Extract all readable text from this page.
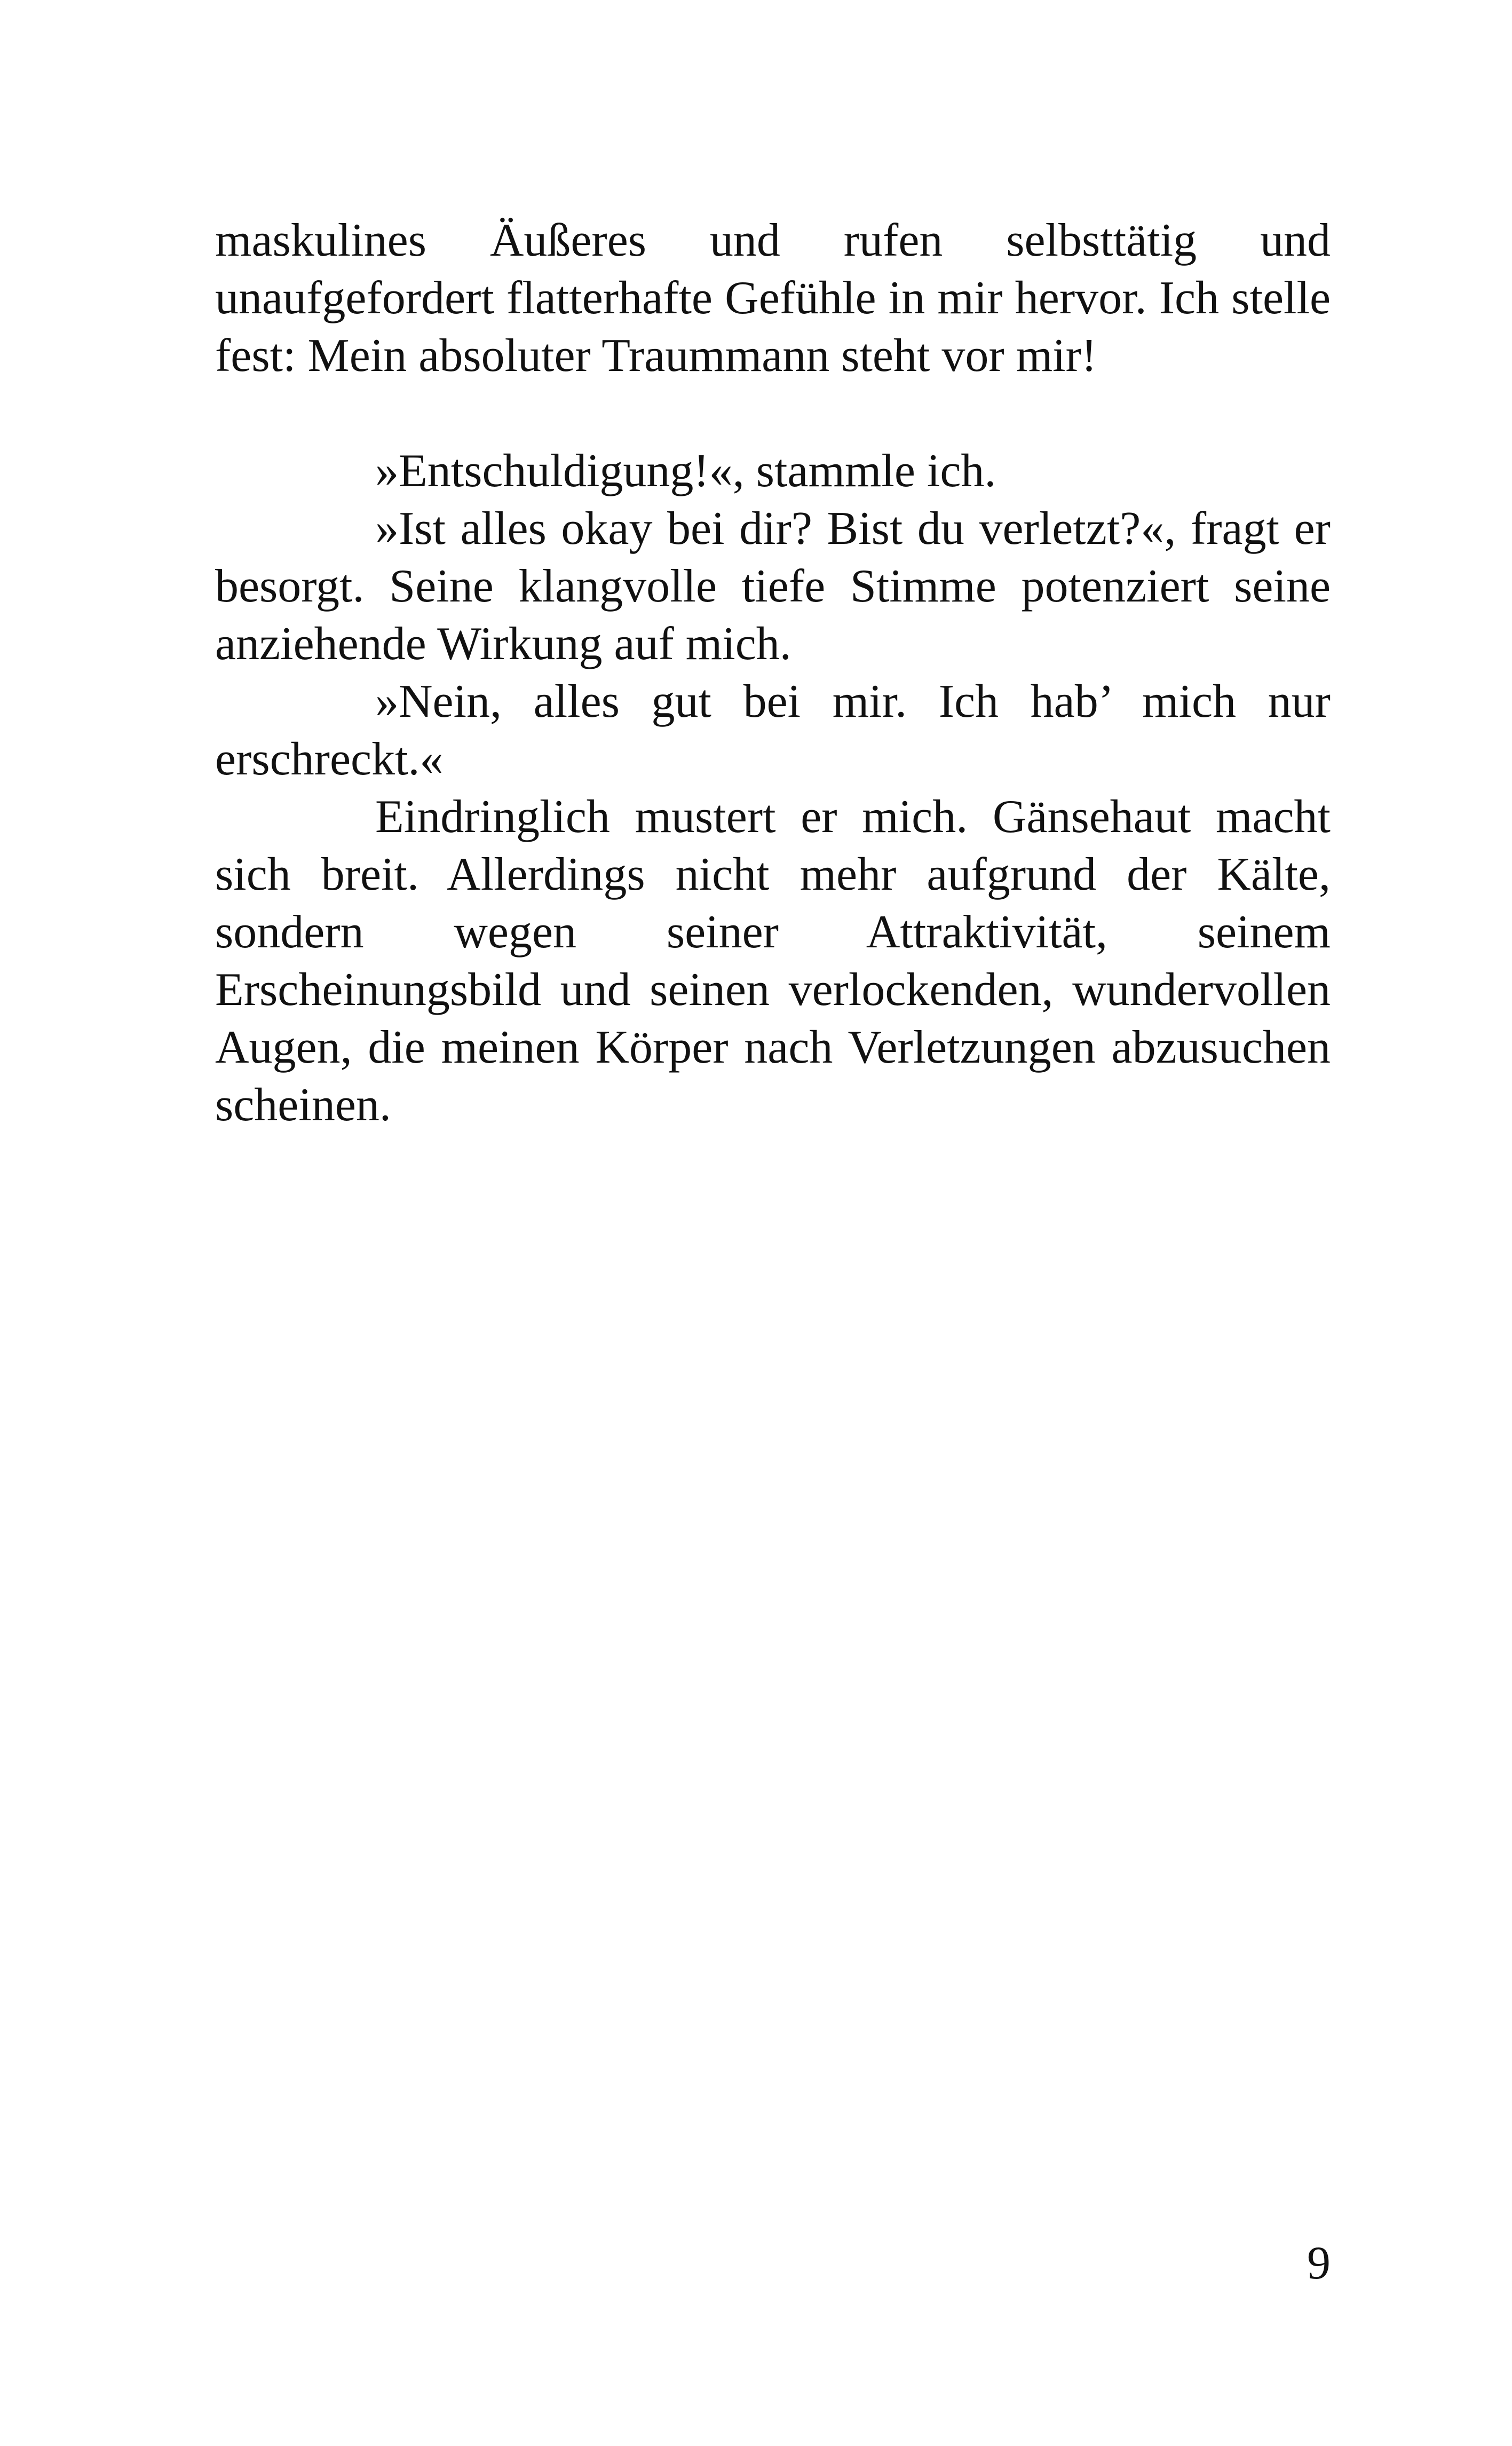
maskulines Äußeres und rufen selbsttätig und unaufgefordert flatterhafte Gefühle in mir hervor. Ich stelle fest: Mein absoluter Traummann steht vor mir!

»Entschuldigung!«, stammle ich.

»Ist alles okay bei dir? Bist du verletzt?«, fragt er besorgt. Seine klangvolle tiefe Stimme potenziert seine anziehende Wirkung auf mich.

»Nein, alles gut bei mir. Ich hab’ mich nur erschreckt.«

Eindringlich mustert er mich. Gänsehaut macht sich breit. Allerdings nicht mehr aufgrund der Kälte, sondern wegen seiner Attraktivität, seinem Erscheinungsbild und seinen verlockenden, wundervollen Augen, die meinen Körper nach Verletzungen abzusuchen scheinen.

9
